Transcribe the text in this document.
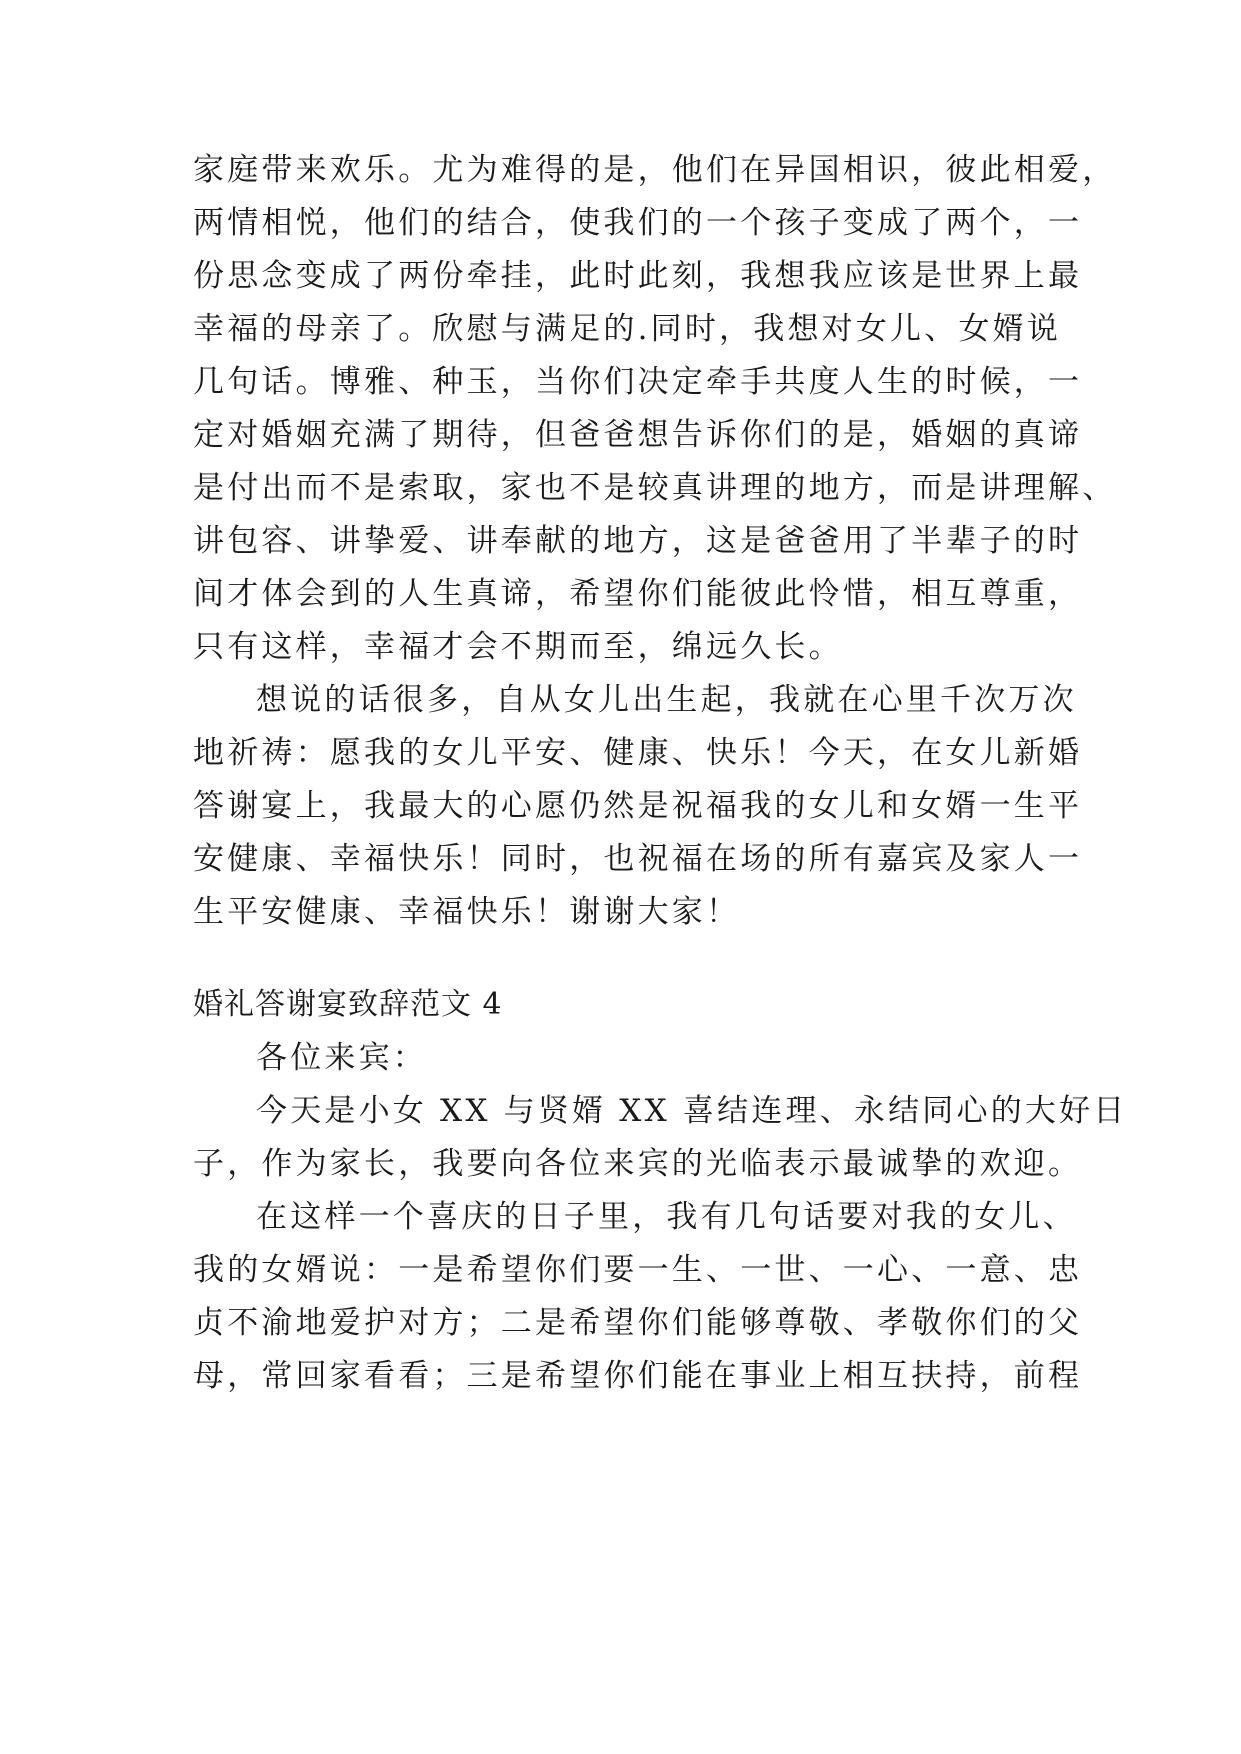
家庭带来欢乐。尤为难得的是，他们在异国相识，彼此相爱，
两情相悦，他们的结合，使我们的一个孩子变成了两个，一
份思念变成了两份牵挂，此时此刻，我想我应该是世界上最
幸福的母亲了。欣慰与满足的.同时，我想对女儿、女婿说
几句话。博雅、种玉，当你们决定牵手共度人生的时候，一
定对婚姻充满了期待，但爸爸想告诉你们的是，婚姻的真谛
是付出而不是索取，家也不是较真讲理的地方，而是讲理解、
讲包容、讲挚爱、讲奉献的地方，这是爸爸用了半辈子的时
间才体会到的人生真谛，希望你们能彼此怜惜，相互尊重，
只有这样，幸福才会不期而至，绵远久长。
想说的话很多，自从女儿出生起，我就在心里千次万次
地祈祷：愿我的女儿平安、健康、快乐！今天，在女儿新婚
答谢宴上，我最大的心愿仍然是祝福我的女儿和女婿一生平
安健康、幸福快乐！同时，也祝福在场的所有嘉宾及家人一
生平安健康、幸福快乐！谢谢大家！
婚礼答谢宴致辞范文 4
各位来宾：
今天是小女 XX 与贤婿 XX 喜结连理、永结同心的大好日
子，作为家长，我要向各位来宾的光临表示最诚挚的欢迎。
在这样一个喜庆的日子里，我有几句话要对我的女儿、
我的女婿说：一是希望你们要一生、一世、一心、一意、忠
贞不渝地爱护对方；二是希望你们能够尊敬、孝敬你们的父
母，常回家看看；三是希望你们能在事业上相互扶持，前程
